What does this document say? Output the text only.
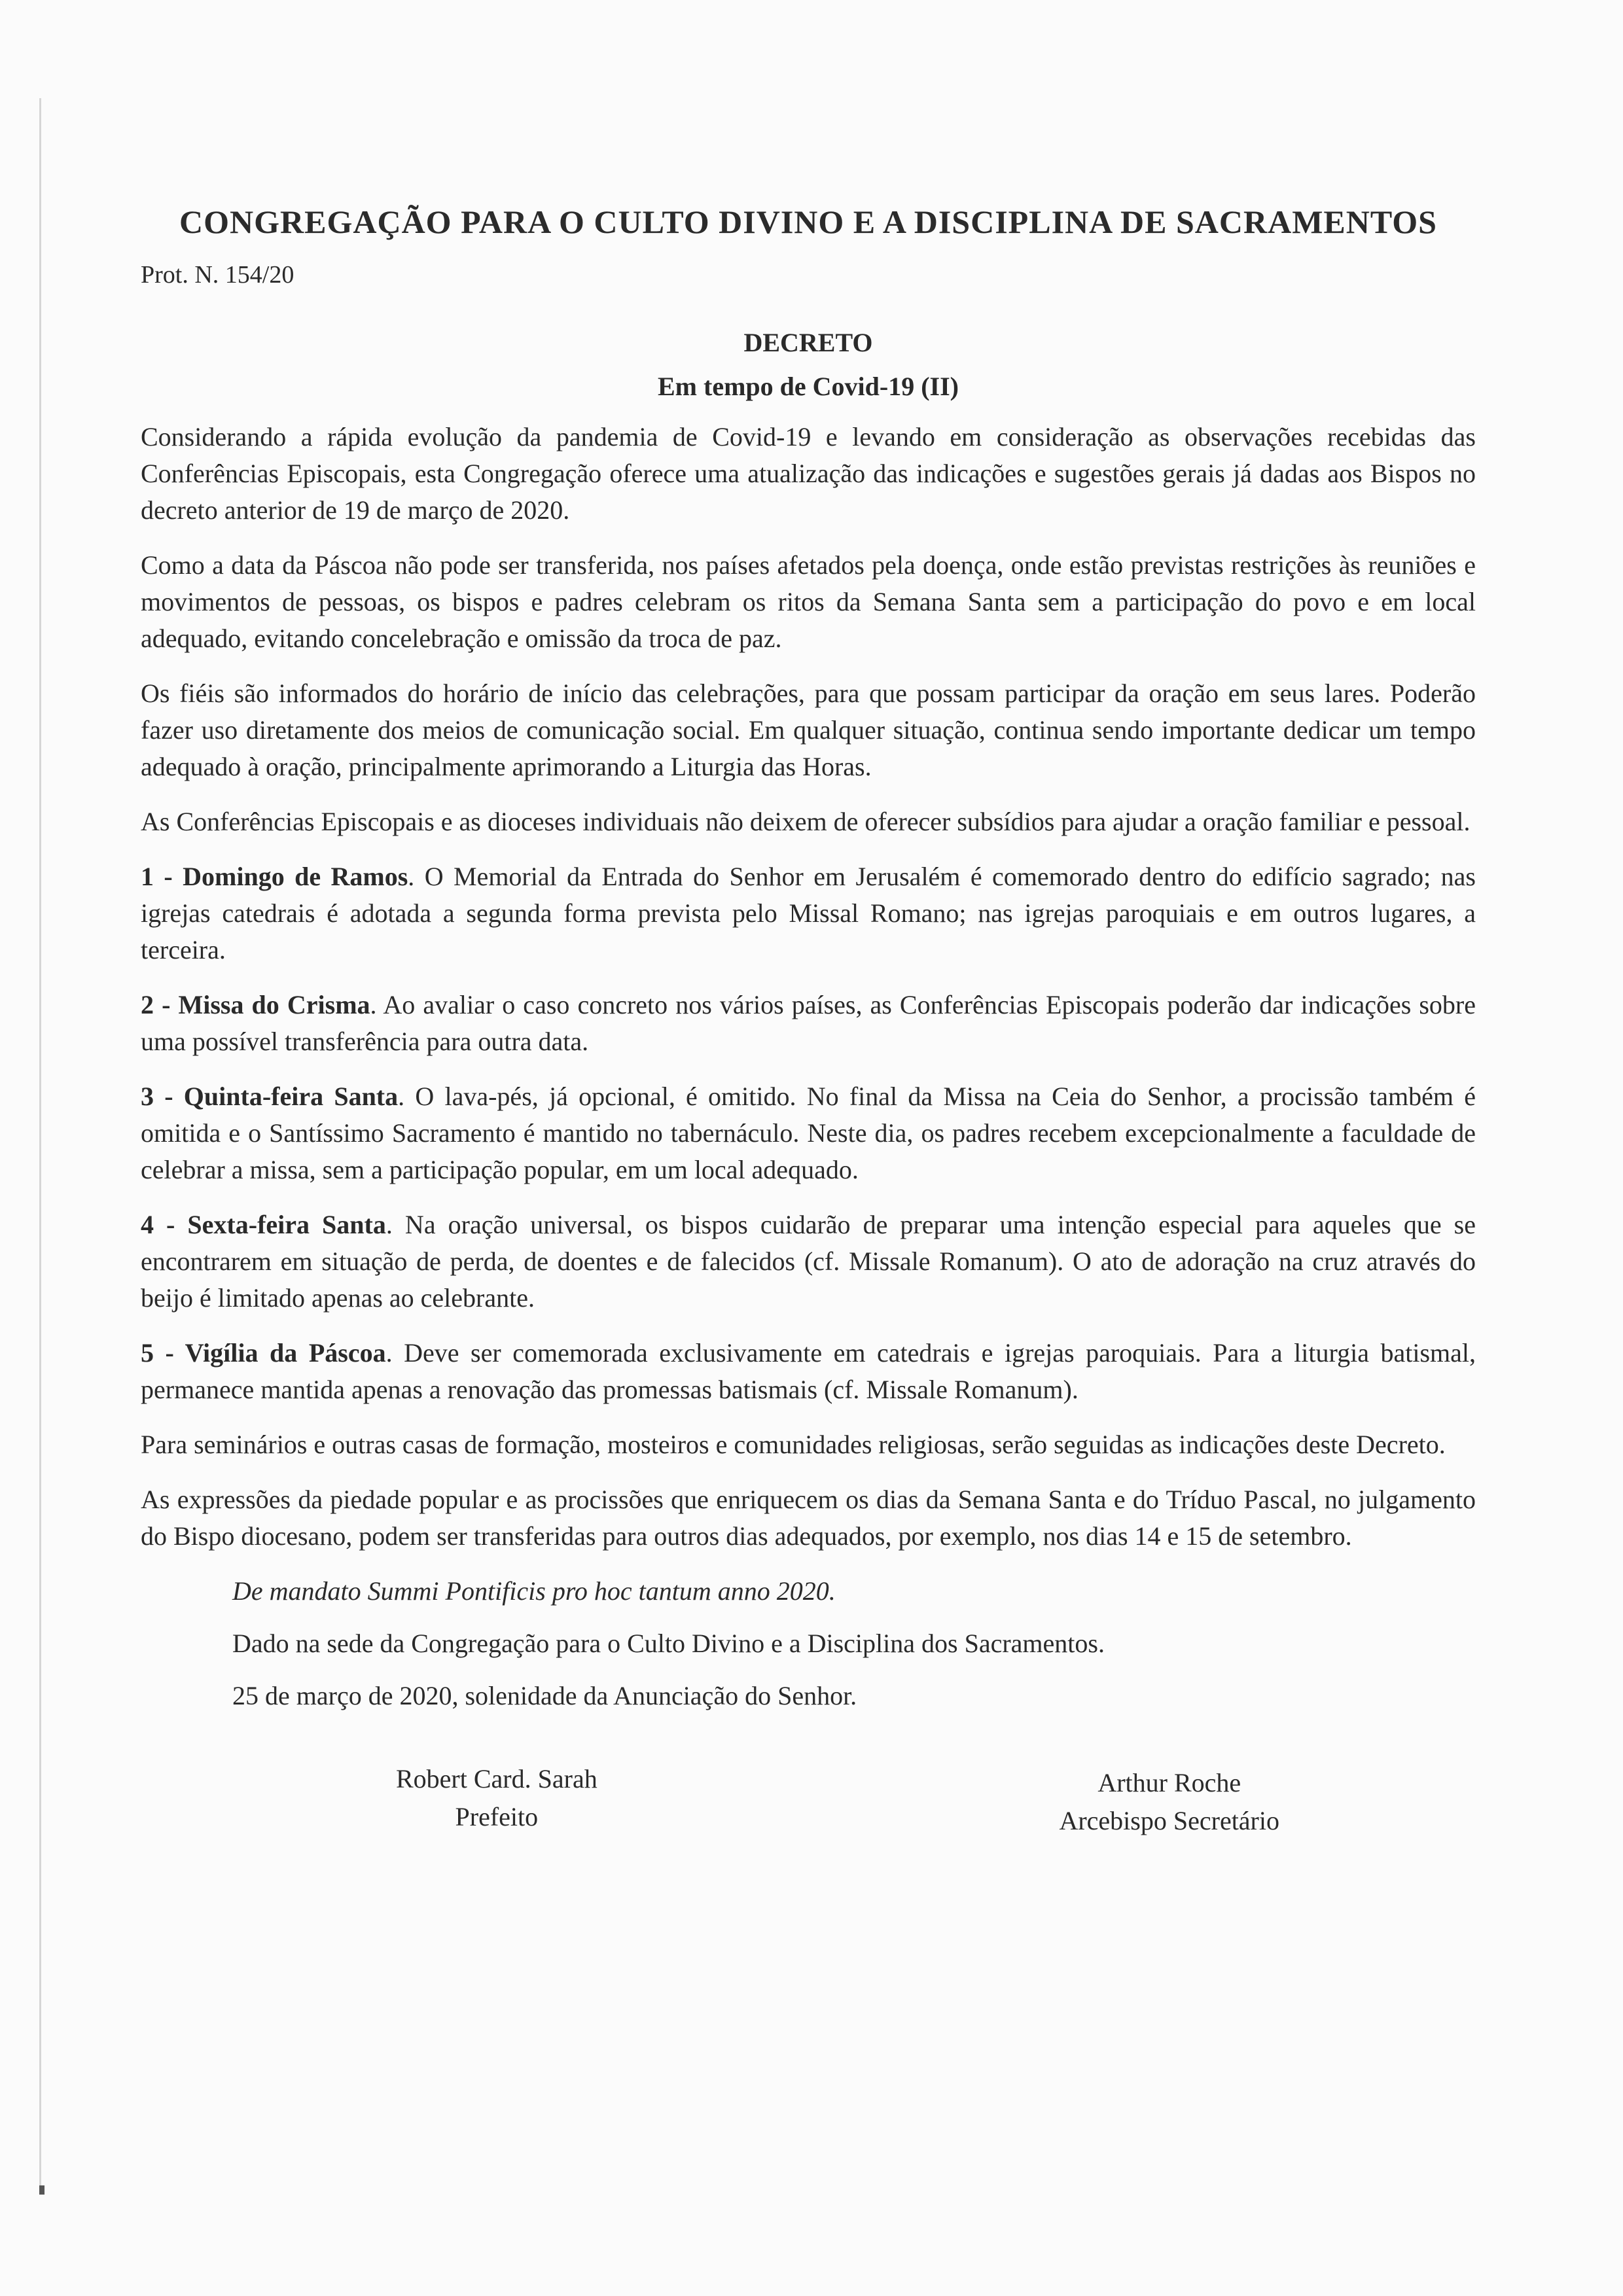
CONGREGAÇÃO PARA O CULTO DIVINO E A DISCIPLINA DE SACRAMENTOS
Prot. N. 154/20
DECRETO
Em tempo de Covid-19 (II)

Considerando a rápida evolução da pandemia de Covid-19 e levando em consideração as observações recebidas das Conferências Episcopais, esta Congregação oferece uma atualização das indicações e sugestões gerais já dadas aos Bispos no decreto anterior de 19 de março de 2020.

Como a data da Páscoa não pode ser transferida, nos países afetados pela doença, onde estão previstas restrições às reuniões e movimentos de pessoas, os bispos e padres celebram os ritos da Semana Santa sem a participação do povo e em local adequado, evitando concelebração e omissão da troca de paz.

Os fiéis são informados do horário de início das celebrações, para que possam participar da oração em seus lares. Poderão fazer uso diretamente dos meios de comunicação social. Em qualquer situação, continua sendo importante dedicar um tempo adequado à oração, principalmente aprimorando a Liturgia das Horas.

As Conferências Episcopais e as dioceses individuais não deixem de oferecer subsídios para ajudar a oração familiar e pessoal.

1 - Domingo de Ramos. O Memorial da Entrada do Senhor em Jerusalém é comemorado dentro do edifício sagrado; nas igrejas catedrais é adotada a segunda forma prevista pelo Missal Romano; nas igrejas paroquiais e em outros lugares, a terceira.

2 - Missa do Crisma. Ao avaliar o caso concreto nos vários países, as Conferências Episcopais poderão dar indicações sobre uma possível transferência para outra data.

3 - Quinta-feira Santa. O lava-pés, já opcional, é omitido. No final da Missa na Ceia do Senhor, a procissão também é omitida e o Santíssimo Sacramento é mantido no tabernáculo. Neste dia, os padres recebem excepcionalmente a faculdade de celebrar a missa, sem a participação popular, em um local adequado.

4 - Sexta-feira Santa. Na oração universal, os bispos cuidarão de preparar uma intenção especial para aqueles que se encontrarem em situação de perda, de doentes e de falecidos (cf. Missale Romanum). O ato de adoração na cruz através do beijo é limitado apenas ao celebrante.

5 - Vigília da Páscoa. Deve ser comemorada exclusivamente em catedrais e igrejas paroquiais. Para a liturgia batismal, permanece mantida apenas a renovação das promessas batismais (cf. Missale Romanum).

Para seminários e outras casas de formação, mosteiros e comunidades religiosas, serão seguidas as indicações deste Decreto.

As expressões da piedade popular e as procissões que enriquecem os dias da Semana Santa e do Tríduo Pascal, no julgamento do Bispo diocesano, podem ser transferidas para outros dias adequados, por exemplo, nos dias 14 e 15 de setembro.

De mandato Summi Pontificis pro hoc tantum anno 2020.
Dado na sede da Congregação para o Culto Divino e a Disciplina dos Sacramentos.
25 de março de 2020, solenidade da Anunciação do Senhor.
Robert Card. Sarah
Prefeito
Arthur Roche
Arcebispo Secretário
